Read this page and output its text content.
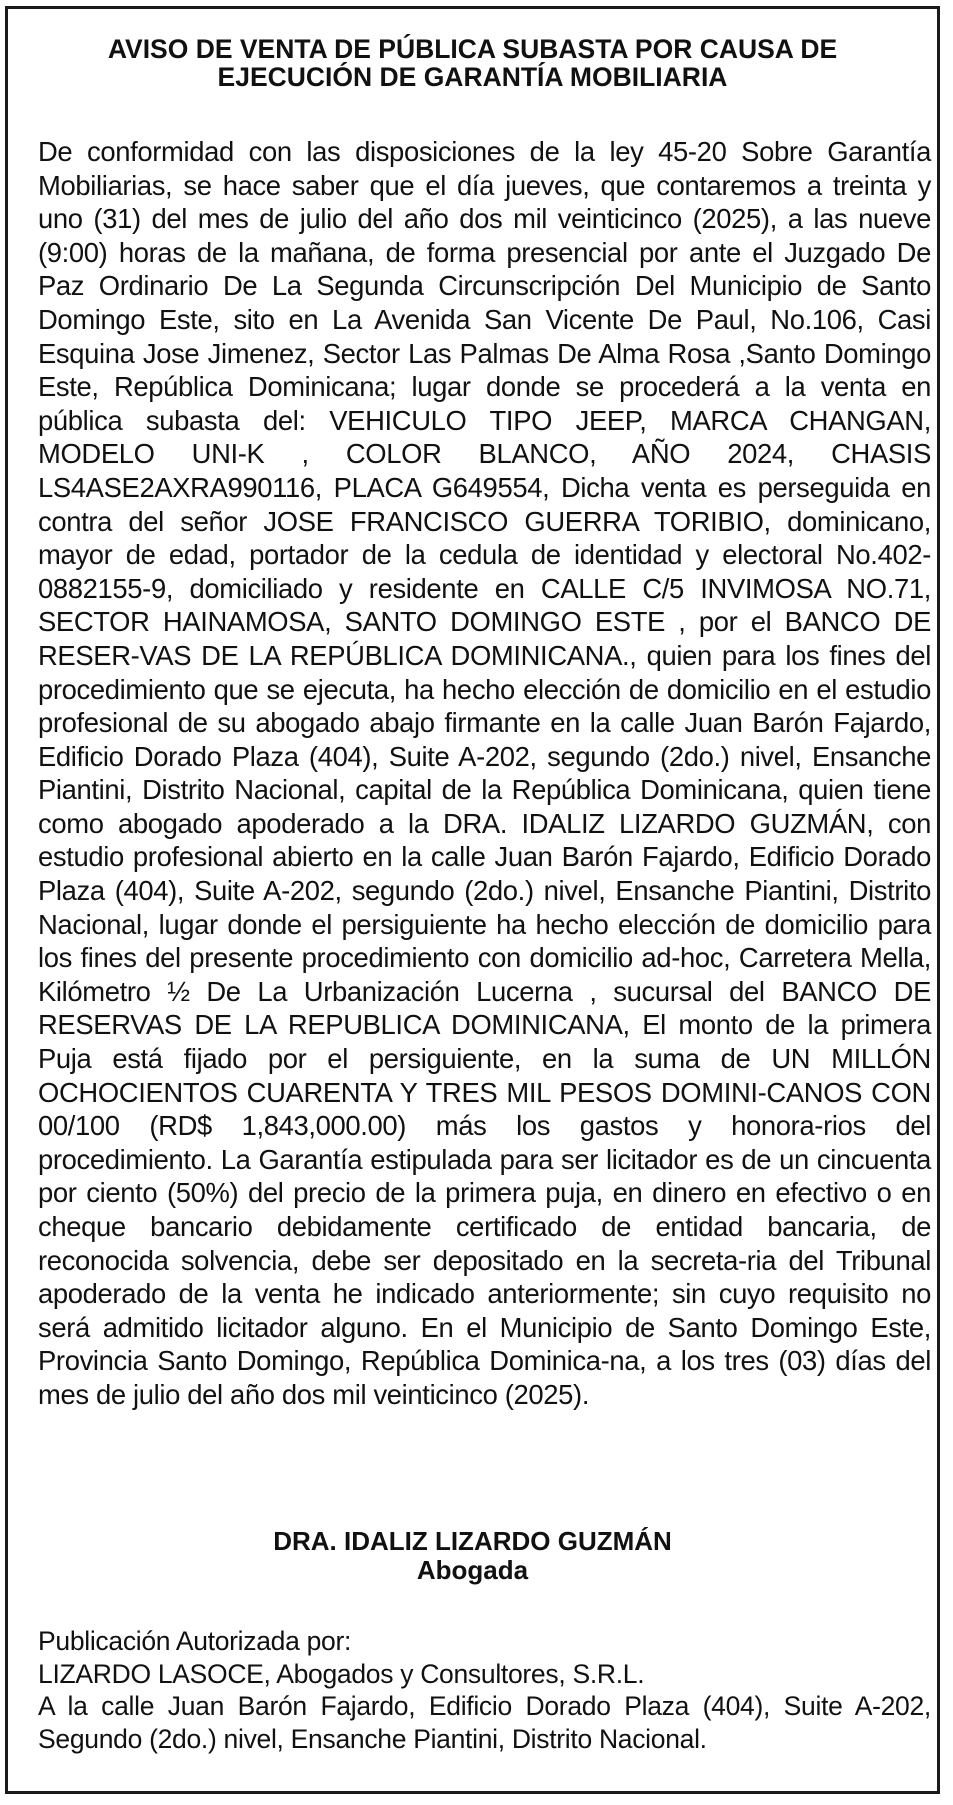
AVISO DE VENTA DE PÚBLICA SUBASTA POR CAUSA DE
EJECUCIÓN DE GARANTÍA MOBILIARIA

De conformidad con las disposiciones de la ley 45-20 Sobre Garantía Mobiliarias, se hace saber que el día jueves, que contaremos a treinta y uno (31) del mes de julio del año dos mil veinticinco (2025), a las nueve (9:00) horas de la mañana, de forma presencial por ante el Juzgado De Paz Ordinario De La Segunda Circunscripción Del Municipio de Santo Domingo Este, sito en La Avenida San Vicente De Paul, No.106, Casi Esquina Jose Jimenez, Sector Las Palmas De Alma Rosa ,Santo Domingo Este, República Dominicana; lugar donde se procederá a la venta en pública subasta del: VEHICULO TIPO JEEP, MARCA CHANGAN, MODELO UNI-K , COLOR BLANCO, AÑO 2024, CHASIS LS4ASE2AXRA990116, PLACA G649554, Dicha venta es perseguida en contra del señor JOSE FRANCISCO GUERRA TORIBIO, dominicano, mayor de edad, portador de la cedula de identidad y electoral No.402-0882155-9, domiciliado y residente en CALLE C/5 INVIMOSA NO.71, SECTOR HAINAMOSA, SANTO DOMINGO ESTE , por el BANCO DE RESER-VAS DE LA REPÚBLICA DOMINICANA., quien para los fines del procedimiento que se ejecuta, ha hecho elección de domicilio en el estudio profesional de su abogado abajo firmante en la calle Juan Barón Fajardo, Edificio Dorado Plaza (404), Suite A-202, segundo (2do.) nivel, Ensanche Piantini, Distrito Nacional, capital de la República Dominicana, quien tiene como abogado apoderado a la DRA. IDALIZ LIZARDO GUZMÁN, con estudio profesional abierto en la calle Juan Barón Fajardo, Edificio Dorado Plaza (404), Suite A-202, segundo (2do.) nivel, Ensanche Piantini, Distrito Nacional, lugar donde el persiguiente ha hecho elección de domicilio para los fines del presente procedimiento con domicilio ad-hoc, Carretera Mella, Kilómetro ½ De La Urbanización Lucerna , sucursal del BANCO DE RESERVAS DE LA REPUBLICA DOMINICANA, El monto de la primera Puja está fijado por el persiguiente, en la suma de UN MILLÓN OCHOCIENTOS CUARENTA Y TRES MIL PESOS DOMINI-CANOS CON 00/100 (RD$ 1,843,000.00) más los gastos y honora-rios del procedimiento. La Garantía estipulada para ser licitador es de un cincuenta por ciento (50%) del precio de la primera puja, en dinero en efectivo o en cheque bancario debidamente certificado de entidad bancaria, de reconocida solvencia, debe ser depositado en la secreta-ria del Tribunal apoderado de la venta he indicado anteriormente; sin cuyo requisito no será admitido licitador alguno. En el Municipio de Santo Domingo Este, Provincia Santo Domingo, República Dominica-na, a los tres (03) días del mes de julio del año dos mil veinticinco (2025).

DRA. IDALIZ LIZARDO GUZMÁN
Abogada
Publicación Autorizada por:
LIZARDO LASOCE, Abogados y Consultores, S.R.L.
A la calle Juan Barón Fajardo, Edificio Dorado Plaza (404), Suite A-202, Segundo (2do.) nivel, Ensanche Piantini, Distrito Nacional.
